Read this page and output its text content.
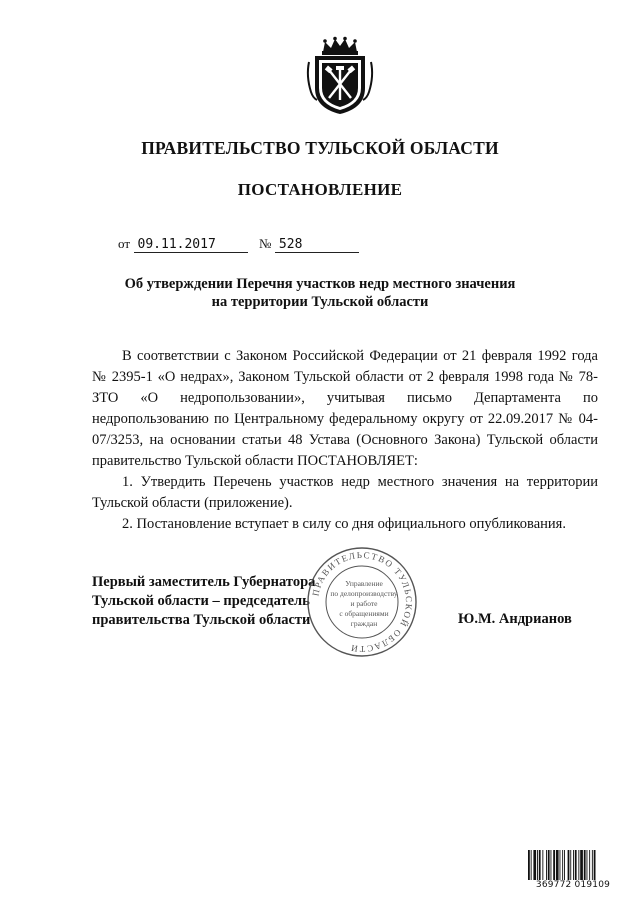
ПРАВИТЕЛЬСТВО ТУЛЬСКОЙ ОБЛАСТИ
ПОСТАНОВЛЕНИЕ
от 09.11.2017	№ 528
Об утверждении Перечня участков недр местного значения
на территории Тульской области

В соответствии с Законом Российской Федерации от 21 февраля 1992 года № 2395-1 «О недрах», Законом Тульской области от 2 февраля 1998 года № 78-ЗТО «О недропользовании», учитывая письмо Департамента по недропользованию по Центральному федеральному округу от 22.09.2017 № 04-07/3253, на основании статьи 48 Устава (Основного Закона) Тульской области правительство Тульской области ПОСТАНОВЛЯЕТ:

1. Утвердить Перечень участков недр местного значения на территории Тульской области (приложение).

2. Постановление вступает в силу со дня официального опубликования.

Первый заместитель Губернатора
Тульской области – председатель
правительства Тульской области	Ю.М. Андрианов
ПРАВИТЕЛЬСТВО ТУЛЬСКОЙ ОБЛАСТИ
Управление
по делопроизводству
и работе
с обращениями
граждан
369772 019109
